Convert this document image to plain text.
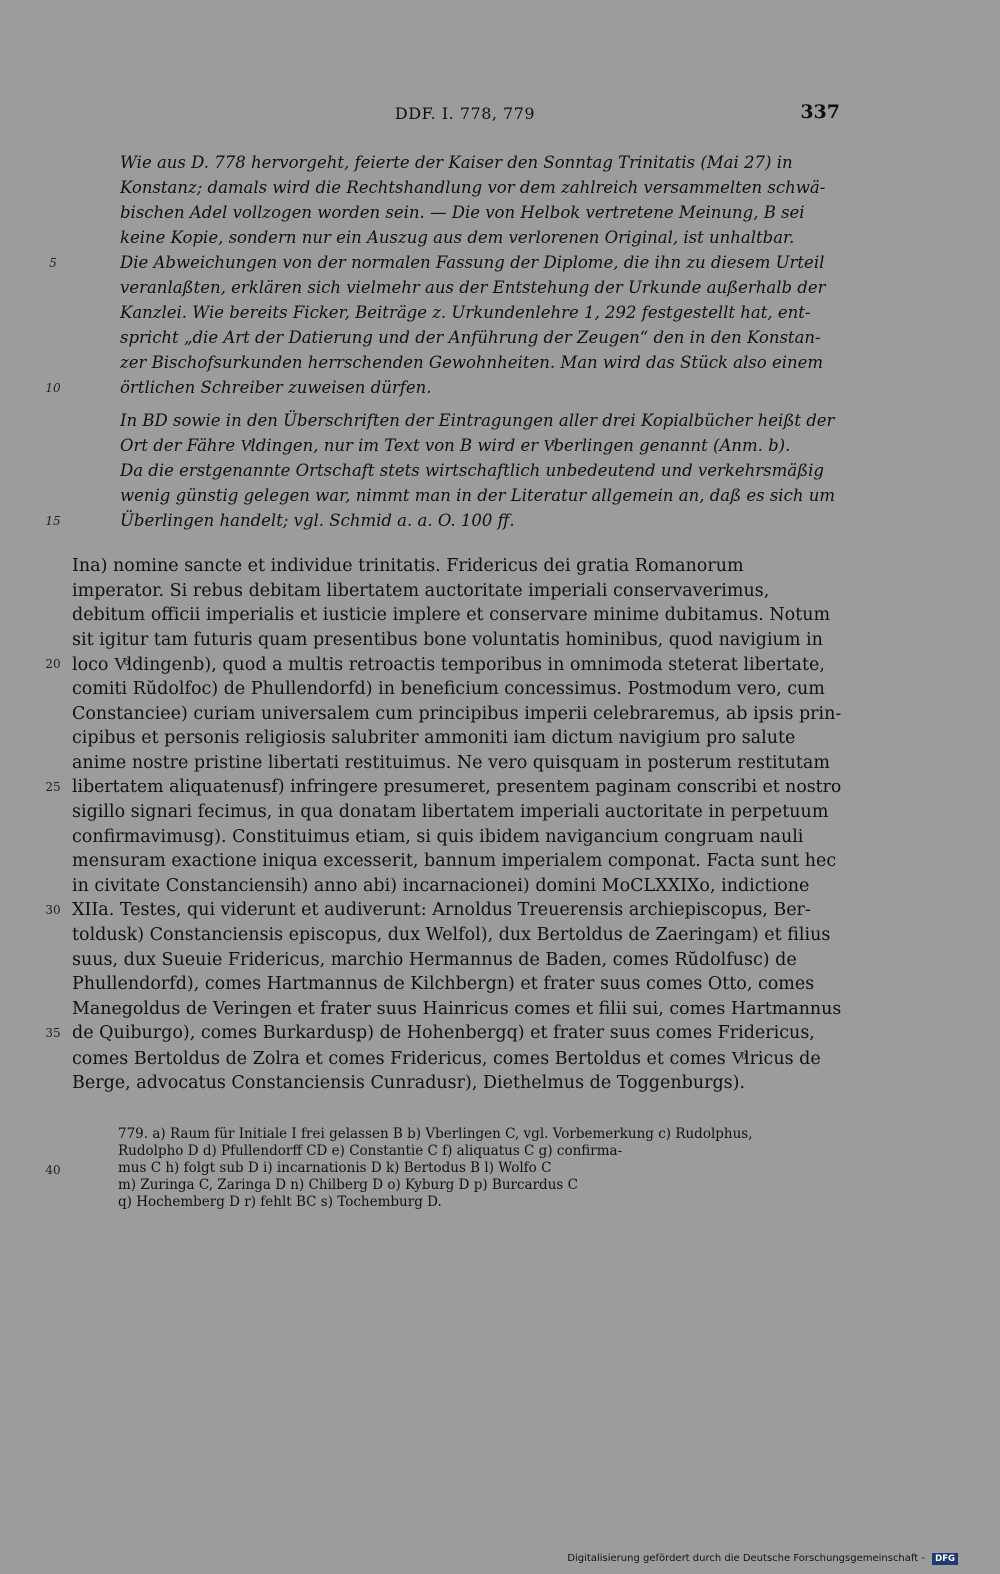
DDF. I. 778, 779	337
Wie aus D. 778 hervorgeht, feierte der Kaiser den Sonntag Trinitatis (Mai 27) in
Konstanz; damals wird die Rechtshandlung vor dem zahlreich versammelten schwä-
bischen Adel vollzogen worden sein. — Die von Helbok vertretene Meinung, B sei
keine Kopie, sondern nur ein Auszug aus dem verlorenen Original, ist unhaltbar.
Die Abweichungen von der normalen Fassung der Diplome, die ihn zu diesem Urteil
5
veranlaßten, erklären sich vielmehr aus der Entstehung der Urkunde außerhalb der
Kanzlei. Wie bereits Ficker, Beiträge z. Urkundenlehre 1, 292 festgestellt hat, ent-
spricht „die Art der Datierung und der Anführung der Zeugen“ den in den Konstan-
zer Bischofsurkunden herrschenden Gewohnheiten. Man wird das Stück also einem
örtlichen Schreiber zuweisen dürfen.
10
In BD sowie in den Überschriften der Eintragungen aller drei Kopialbücher heißt der
Ort der Fähre Vͦldingen, nur im Text von B wird er Vͦberlingen genannt (Anm. b).
Da die erstgenannte Ortschaft stets wirtschaftlich unbedeutend und verkehrsmäßig
wenig günstig gelegen war, nimmt man in der Literatur allgemein an, daß es sich um
Überlingen handelt; vgl. Schmid a. a. O. 100 ff.
15
Ina) nomine sancte et individue trinitatis. Fridericus dei gratia Romanorum
imperator. Si rebus debitam libertatem auctoritate imperiali conservaverimus,
debitum officii imperialis et iusticie implere et conservare minime dubitamus. Notum
sit igitur tam futuris quam presentibus bone voluntatis hominibus, quod navigium in
loco Vͦldingenb), quod a multis retroactis temporibus in omnimoda steterat libertate,
20
comiti Rŭdolfoc) de Phullendorfd) in beneficium concessimus. Postmodum vero, cum
Constanciee) curiam universalem cum principibus imperii celebraremus, ab ipsis prin-
cipibus et personis religiosis salubriter ammoniti iam dictum navigium pro salute
anime nostre pristine libertati restituimus. Ne vero quisquam in posterum restitutam
libertatem aliquatenusf) infringere presumeret, presentem paginam conscribi et nostro
25
sigillo signari fecimus, in qua donatam libertatem imperiali auctoritate in perpetuum
confirmavimusg). Constituimus etiam, si quis ibidem navigancium congruam nauli
mensuram exactione iniqua excesserit, bannum imperialem componat. Facta sunt hec
in civitate Constanciensih) anno abi) incarnacionei) domini MoCLXXIXo, indictione
XIIa. Testes, qui viderunt et audiverunt: Arnoldus Treuerensis archiepiscopus, Ber-
30
toldusk) Constanciensis episcopus, dux Welfol), dux Bertoldus de Zaeringam) et filius
suus, dux Sueuie Fridericus, marchio Hermannus de Baden, comes Rŭdolfusc) de
Phullendorfd), comes Hartmannus de Kilchbergn) et frater suus comes Otto, comes
Manegoldus de Veringen et frater suus Hainricus comes et filii sui, comes Hartmannus
de Quiburgo), comes Burkardusp) de Hohenbergq) et frater suus comes Fridericus,
35
comes Bertoldus de Zolra et comes Fridericus, comes Bertoldus et comes Vͦlricus de
Berge, advocatus Constanciensis Cunradusr), Diethelmus de Toggenburgs).
779. a) Raum für Initiale I frei gelassen B b) Vberlingen C, vgl. Vorbemerkung c) Rudolphus,
Rudolpho D d) Pfullendorff CD e) Constantie C f) aliquatus C g) confirma-
mus C h) folgt sub D i) incarnationis D k) Bertodus B l) Wolfo C
40
m) Zuringa C, Zaringa D n) Chilberg D o) Kyburg D p) Burcardus C
q) Hochemberg D r) fehlt BC s) Tochemburg D.
Digitalisierung gefördert durch die Deutsche Forschungsgemeinschaft - DFG
